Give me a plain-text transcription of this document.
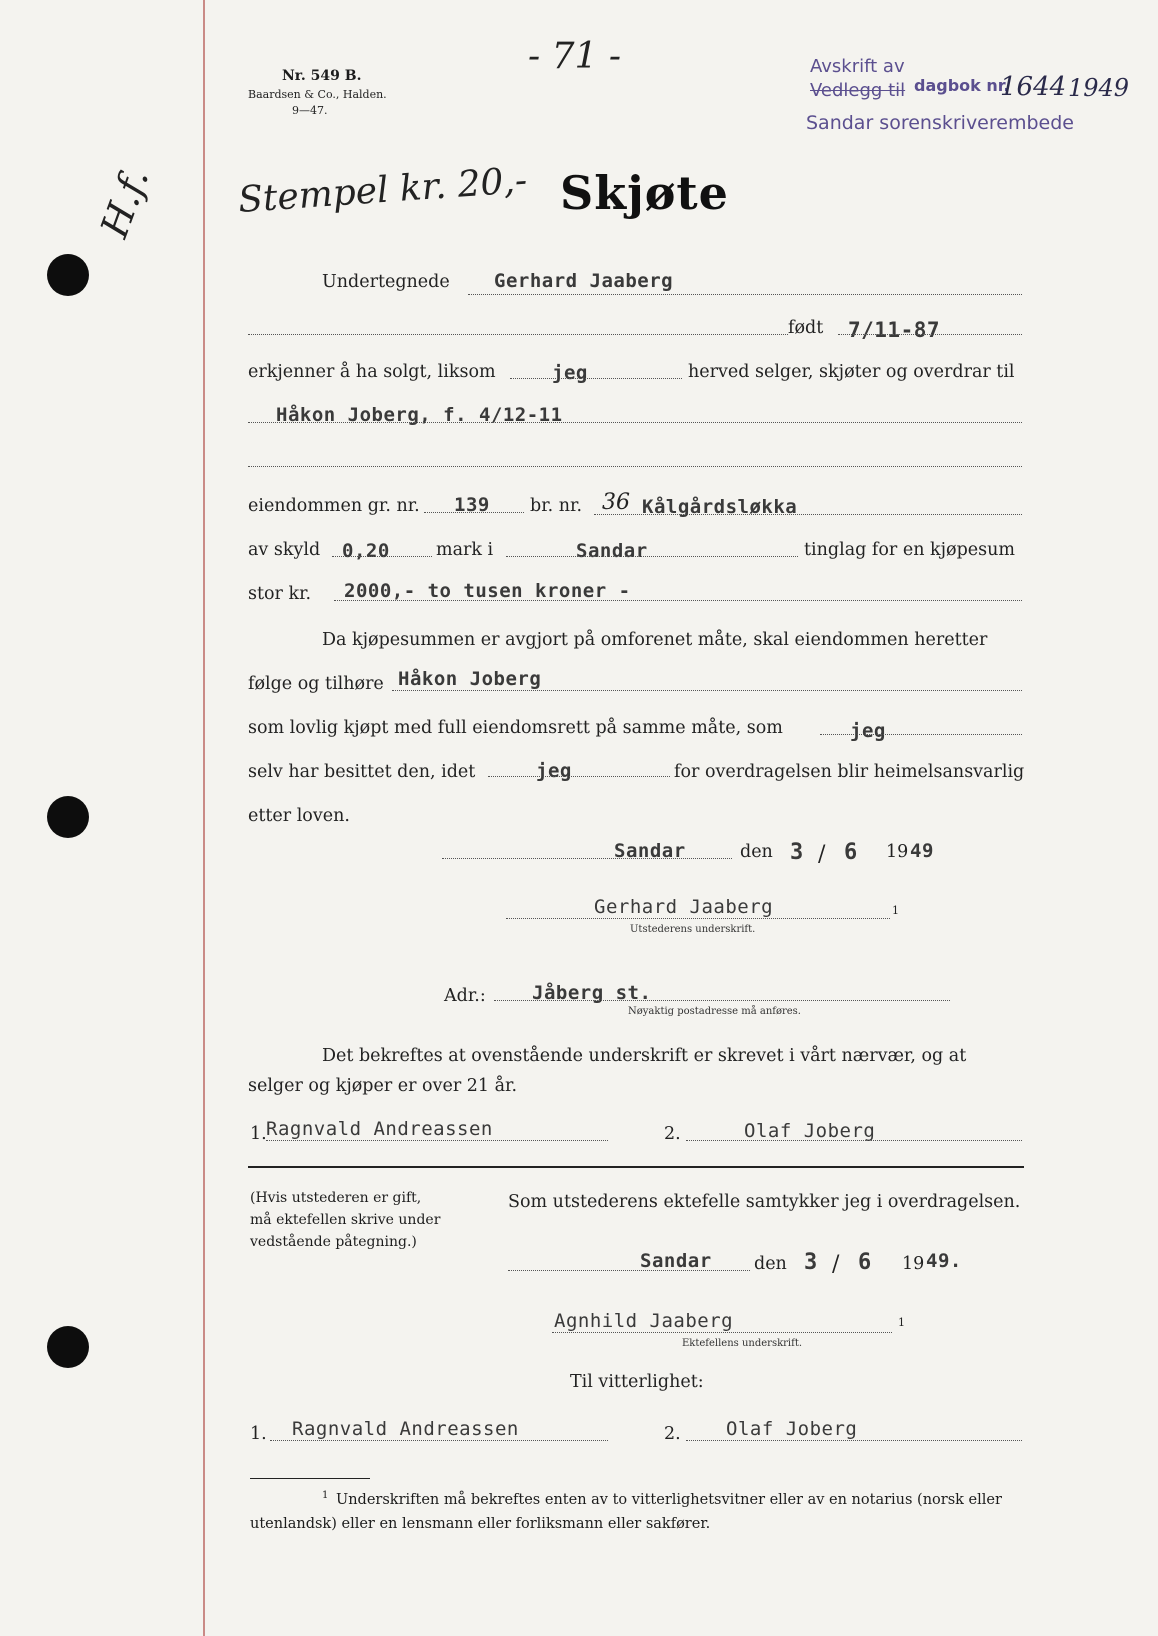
Nr. 549 B.
Baardsen & Co., Halden.
9—47.
- 71 -	Avskrift av
Vedlegg til dagbok nr.
1644 1949
Sandar sorenskriverembede
Stempel kr. 20,-
H.f.	Skjøte
Undertegnede Gerhard Jaaberg
født 7/11-87
erkjenner å ha solgt, liksom	jeg	herved selger, skjøter og overdrar til
Håkon Joberg, f. 4/12-11
eiendommen gr. nr. 139 br. nr. 36 Kålgårdsløkka
av skyld 0,20	mark i	Sandar	tinglag for en kjøpesum
stor kr. 2000,- to tusen kroner -
Da kjøpesummen er avgjort på omforenet måte, skal eiendommen heretter
følge og tilhøre Håkon Joberg
som lovlig kjøpt med full eiendomsrett på samme måte, som	jeg
selv har besittet den, idet	jeg	for overdragelsen blir heimelsansvarlig
etter loven.
Sandar	den 3 / 6 19 49
Gerhard Jaaberg	1
Utstederens underskrift.
Adr.: Jåberg st.
Nøyaktig postadresse må anføres.
Det bekreftes at ovenstående underskrift er skrevet i vårt nærvær, og at
selger og kjøper er over 21 år.
1. Ragnvald Andreassen	2.	Olaf Joberg
(Hvis utstederen er gift,
må ektefellen skrive under
vedstående påtegning.)
Som utstederens ektefelle samtykker jeg i overdragelsen.
Sandar den 3 / 6 19 49.
Agnhild Jaaberg	1
Ektefellens underskrift.
Til vitterlighet:
1. Ragnvald Andreassen	2. Olaf Joberg
1 Underskriften må bekreftes enten av to vitterlighetsvitner eller av en notarius (norsk eller
utenlandsk) eller en lensmann eller forliksmann eller sakfører.
